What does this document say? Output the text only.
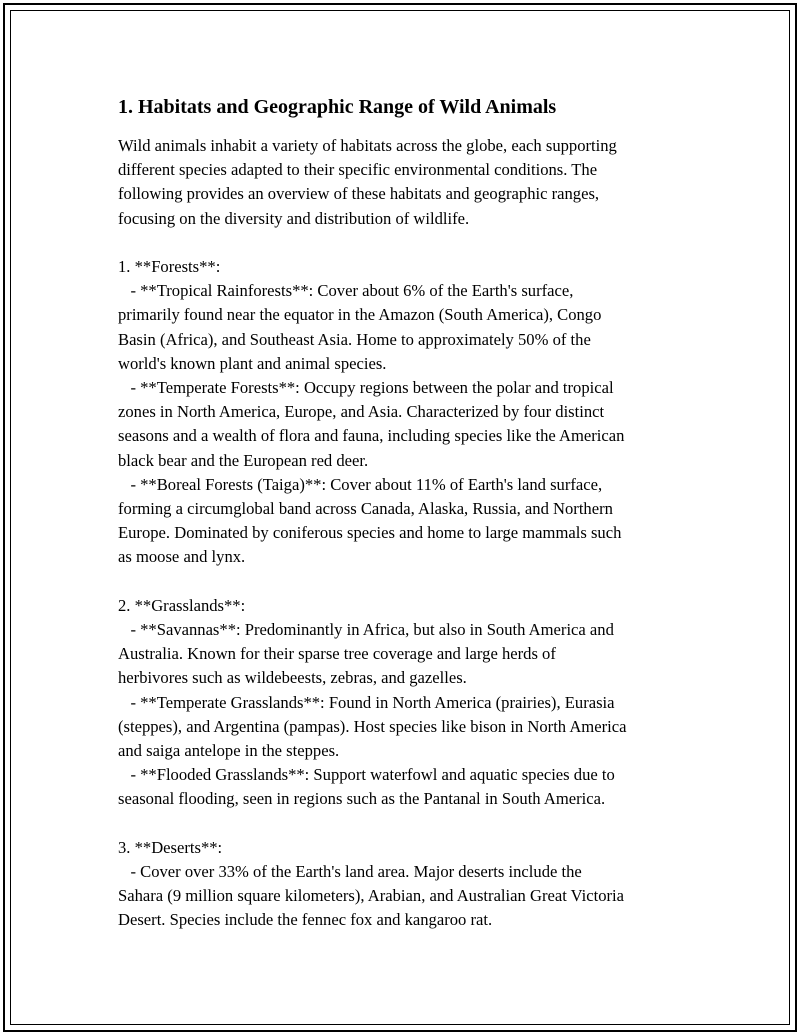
1. Habitats and Geographic Range of Wild Animals
Wild animals inhabit a variety of habitats across the globe, each supporting
different species adapted to their specific environmental conditions. The
following provides an overview of these habitats and geographic ranges,
focusing on the diversity and distribution of wildlife.
1. **Forests**:
- **Tropical Rainforests**: Cover about 6% of the Earth's surface,
primarily found near the equator in the Amazon (South America), Congo
Basin (Africa), and Southeast Asia. Home to approximately 50% of the
world's known plant and animal species.
- **Temperate Forests**: Occupy regions between the polar and tropical
zones in North America, Europe, and Asia. Characterized by four distinct
seasons and a wealth of flora and fauna, including species like the American
black bear and the European red deer.
- **Boreal Forests (Taiga)**: Cover about 11% of Earth's land surface,
forming a circumglobal band across Canada, Alaska, Russia, and Northern
Europe. Dominated by coniferous species and home to large mammals such
as moose and lynx.
2. **Grasslands**:
- **Savannas**: Predominantly in Africa, but also in South America and
Australia. Known for their sparse tree coverage and large herds of
herbivores such as wildebeests, zebras, and gazelles.
- **Temperate Grasslands**: Found in North America (prairies), Eurasia
(steppes), and Argentina (pampas). Host species like bison in North America
and saiga antelope in the steppes.
- **Flooded Grasslands**: Support waterfowl and aquatic species due to
seasonal flooding, seen in regions such as the Pantanal in South America.
3. **Deserts**:
- Cover over 33% of the Earth's land area. Major deserts include the
Sahara (9 million square kilometers), Arabian, and Australian Great Victoria
Desert. Species include the fennec fox and kangaroo rat.
